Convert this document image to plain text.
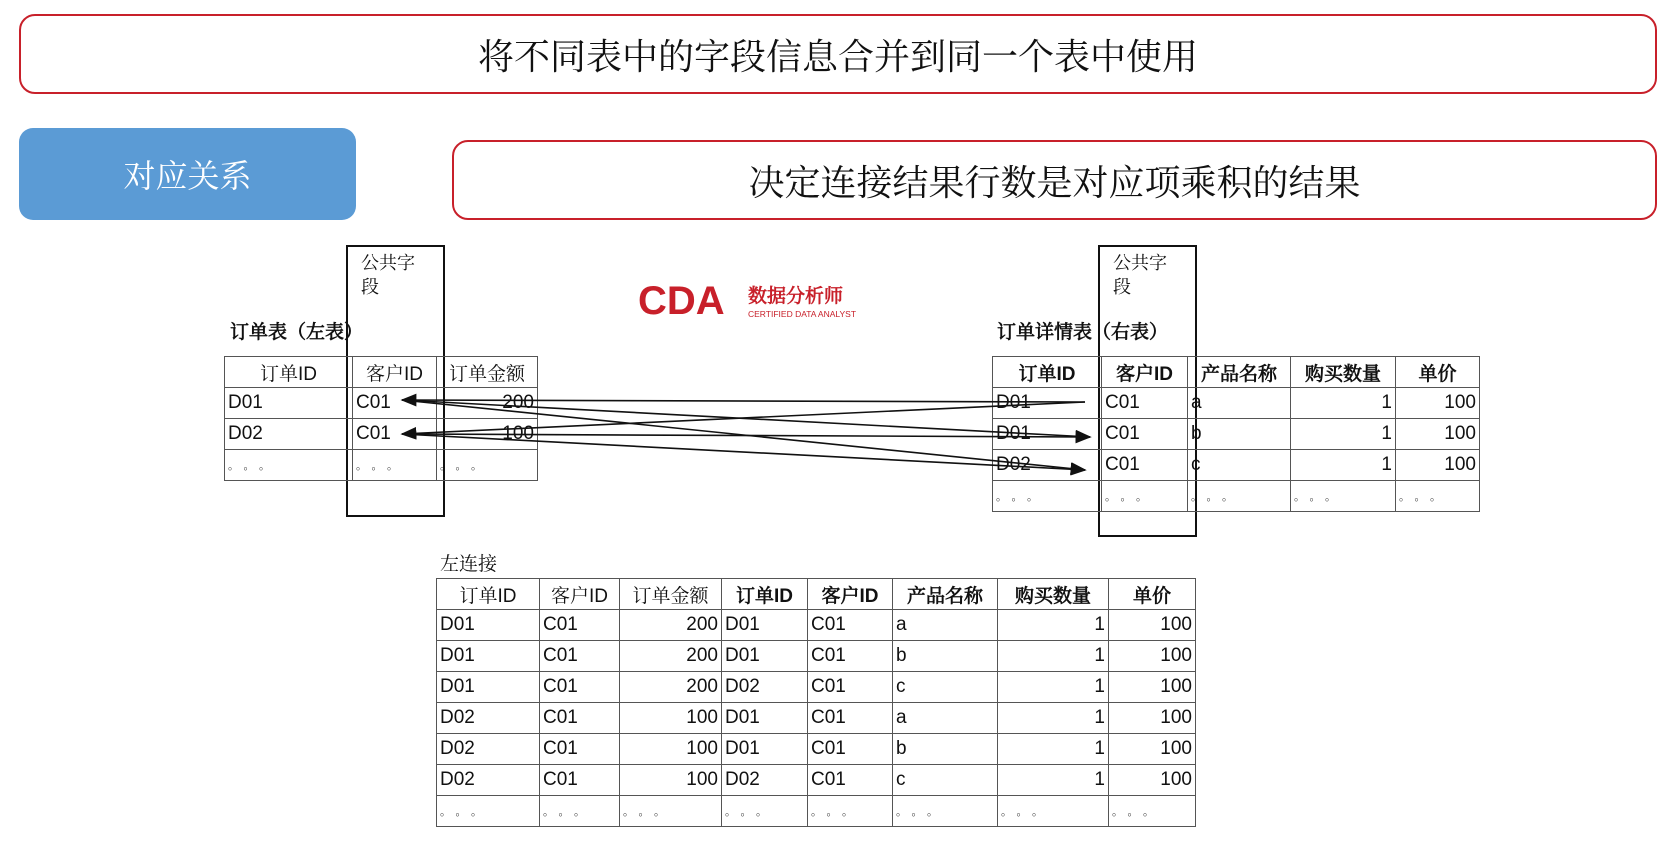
将不同表中的字段信息合并到同一个表中使用
对应关系	决定连接结果行数是对应项乘积的结果
CDA 数据分析师
CERTIFIED DATA ANALYST
订单表（左表）
公共字段
订单ID	客户ID	订单金额
D01	C01	200
D02	C01	100
。。。	。。。	。。。
订单详情表（右表）
公共字段
订单ID	客户ID	产品名称	购买数量	单价
D01	C01	a	1	100
D01	C01	b	1	100
D02	C01	c	1	100
。。。	。。。	。。。	。。。	。。。
左连接
订单ID	客户ID	订单金额	订单ID	客户ID	产品名称	购买数量	单价
D01	C01	200	D01	C01	a	1	100
D01	C01	200	D01	C01	b	1	100
D01	C01	200	D02	C01	c	1	100
D02	C01	100	D01	C01	a	1	100
D02	C01	100	D01	C01	b	1	100
D02	C01	100	D02	C01	c	1	100
。。。	。。。	。。。	。。。	。。。	。。。	。。。	。。。
